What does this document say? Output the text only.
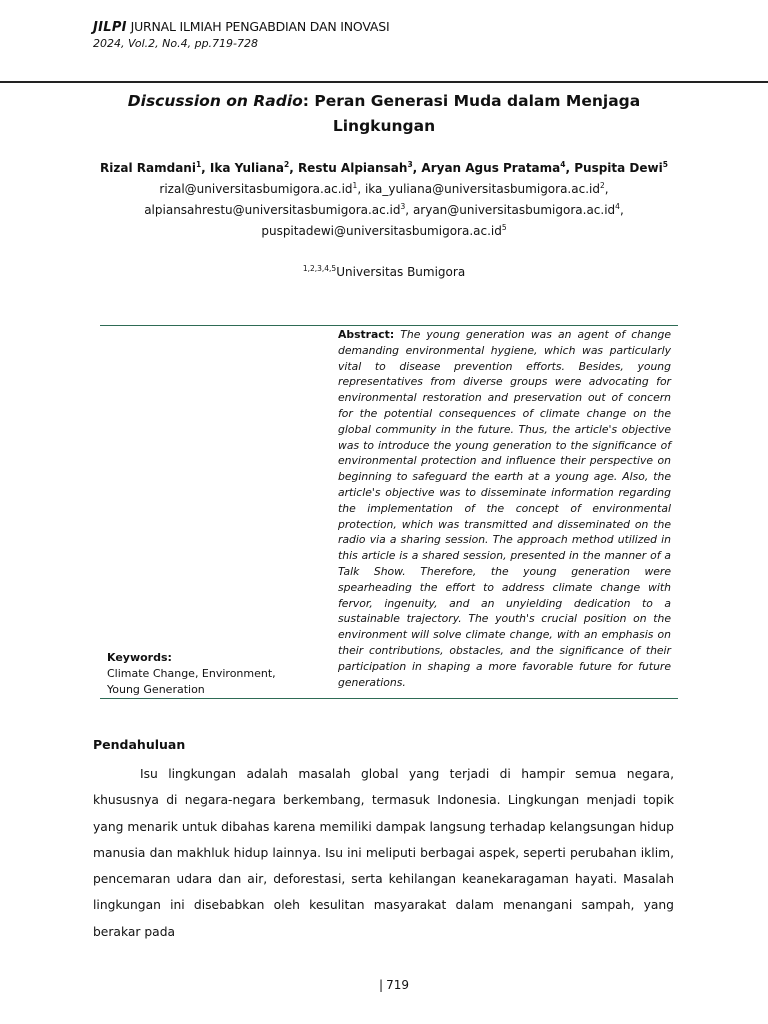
JILPI JURNAL ILMIAH PENGABDIAN DAN INOVASI
2024, Vol.2, No.4, pp.719-728
Discussion on Radio: Peran Generasi Muda dalam Menjaga Lingkungan
Rizal Ramdani$^1$, Ika Yuliana$^2$, Restu Alpiansah$^3$, Aryan Agus Pratama$^4$, Puspita Dewi$^5$
$rizal@universitasbumigora.ac.id^1$, $ika\_yuliana@universitasbumigora.ac.id^2$,
$alpiansahrestu@universitasbumigora.ac.id^3$, $aryan@universitasbumigora.ac.id^4$,
$puspitadewi@universitasbumigora.ac.id^5$
$^{1,2,3,4,5}$Universitas Bumigora
Keywords:
Climate Change, Environment,
Young Generation
Abstract: The young generation was an agent of change demanding environmental hygiene, which was particularly vital to disease prevention efforts. Besides, young representatives from diverse groups were advocating for environmental restoration and preservation out of concern for the potential consequences of climate change on the global community in the future. Thus, the article's objective was to introduce the young generation to the significance of environmental protection and influence their perspective on beginning to safeguard the earth at a young age. Also, the article's objective was to disseminate information regarding the implementation of the concept of environmental protection, which was transmitted and disseminated on the radio via a sharing session. The approach method utilized in this article is a shared session, presented in the manner of a Talk Show. Therefore, the young generation were spearheading the effort to address climate change with fervor, ingenuity, and an unyielding dedication to a sustainable trajectory. The youth's crucial position on the environment will solve climate change, with an emphasis on their contributions, obstacles, and the significance of their participation in shaping a more favorable future for future generations.
Pendahuluan
Isu lingkungan adalah masalah global yang terjadi di hampir semua negara, khususnya di negara-negara berkembang, termasuk Indonesia. Lingkungan menjadi topik yang menarik untuk dibahas karena memiliki dampak langsung terhadap kelangsungan hidup manusia dan makhluk hidup lainnya. Isu ini meliputi berbagai aspek, seperti perubahan iklim, pencemaran udara dan air, deforestasi, serta kehilangan keanekaragaman hayati. Masalah lingkungan ini disebabkan oleh kesulitan masyarakat dalam menangani sampah, yang berakar pada
| 719
